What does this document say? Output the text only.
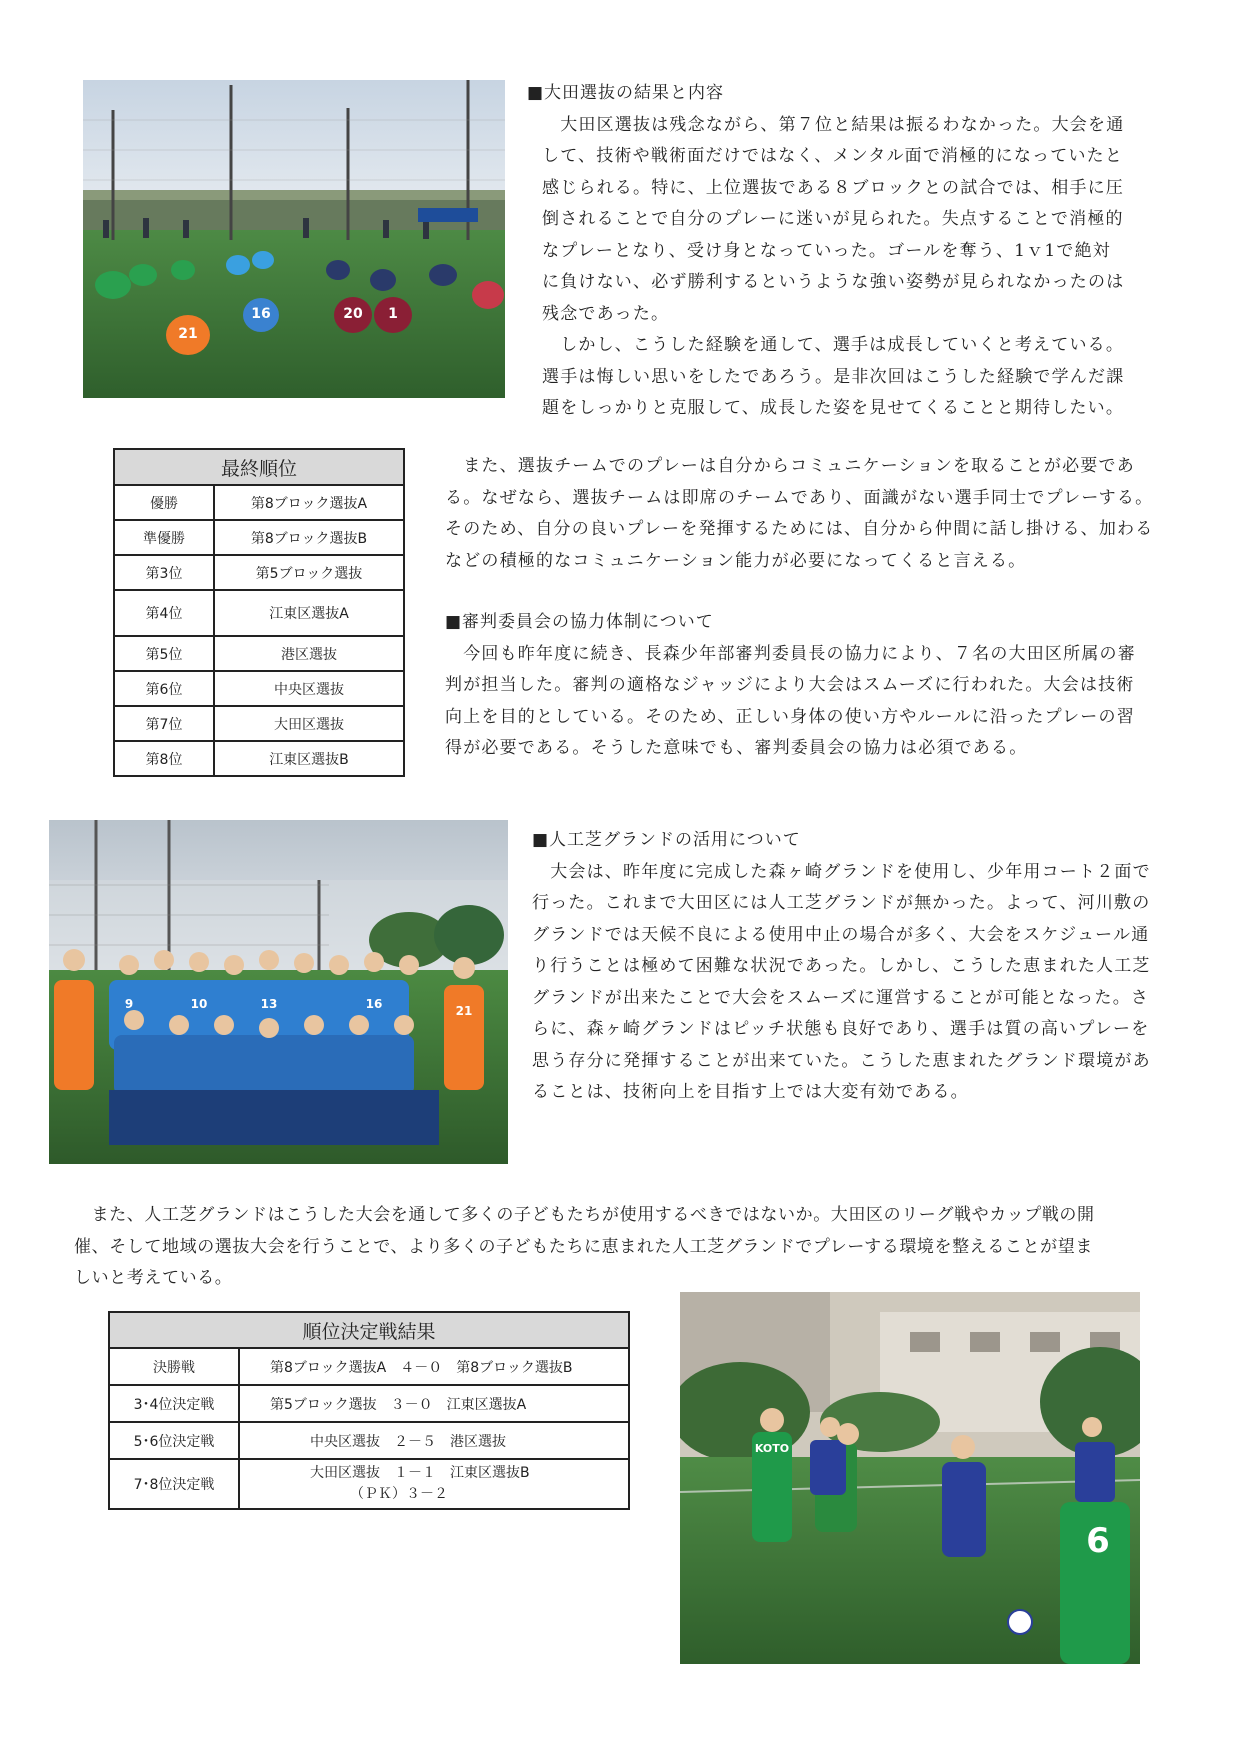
21
16	20 1

■大田選抜の結果と内容

　大田区選抜は残念ながら、第７位と結果は振るわなかった。大会を通

して、技術や戦術面だけではなく、メンタル面で消極的になっていたと

感じられる。特に、上位選抜である８ブロックとの試合では、相手に圧

倒されることで自分のプレーに迷いが見られた。失点することで消極的

なプレーとなり、受け身となっていった。ゴールを奪う、1ｖ1で絶対

に負けない、必ず勝利するというような強い姿勢が見られなかったのは

残念であった。

　しかし、こうした経験を通して、選手は成長していくと考えている。

選手は悔しい思いをしたであろう。是非次回はこうした経験で学んだ課

題をしっかりと克服して、成長した姿を見せてくることと期待したい。

最終順位	
優勝	第8ブロック選抜A
準優勝	第8ブロック選抜B
第3位	第5ブロック選抜
第4位	江東区選抜A
第5位	港区選抜
第6位	中央区選抜
第7位	大田区選抜
第8位	江東区選抜B

　また、選抜チームでのプレーは自分からコミュニケーションを取ることが必要であ

る。なぜなら、選抜チームは即席のチームであり、面識がない選手同士でプレーする。

そのため、自分の良いプレーを発揮するためには、自分から仲間に話し掛ける、加わる

などの積極的なコミュニケーション能力が必要になってくると言える。

■審判委員会の協力体制について

　今回も昨年度に続き、長森少年部審判委員長の協力により、７名の大田区所属の審

判が担当した。審判の適格なジャッジにより大会はスムーズに行われた。大会は技術

向上を目的としている。そのため、正しい身体の使い方やルールに沿ったプレーの習

得が必要である。そうした意味でも、審判委員会の協力は必須である。

9	10	13	16	21

■人工芝グランドの活用について

　大会は、昨年度に完成した森ヶ崎グランドを使用し、少年用コート２面で

行った。これまで大田区には人工芝グランドが無かった。よって、河川敷の

グランドでは天候不良による使用中止の場合が多く、大会をスケジュール通

り行うことは極めて困難な状況であった。しかし、こうした恵まれた人工芝

グランドが出来たことで大会をスムーズに運営することが可能となった。さ

らに、森ヶ崎グランドはピッチ状態も良好であり、選手は質の高いプレーを

思う存分に発揮することが出来ていた。こうした恵まれたグランド環境があ

ることは、技術向上を目指す上では大変有効である。

　また、人工芝グランドはこうした大会を通して多くの子どもたちが使用するべきではないか。大田区のリーグ戦やカップ戦の開

催、そして地域の選抜大会を行うことで、より多くの子どもたちに恵まれた人工芝グランドでプレーする環境を整えることが望ま

しいと考えている。

順位決定戦結果	
決勝戦	第8ブロック選抜A　４－０　第8ブロック選抜B
3･4位決定戦	第5ブロック選抜　３－０　江東区選抜A
5･6位決定戦	中央区選抜　２－５　港区選抜
7･8位決定戦	大田区選抜　１－１　江東区選抜B
（ＰＫ）３－２
KOTO
6
